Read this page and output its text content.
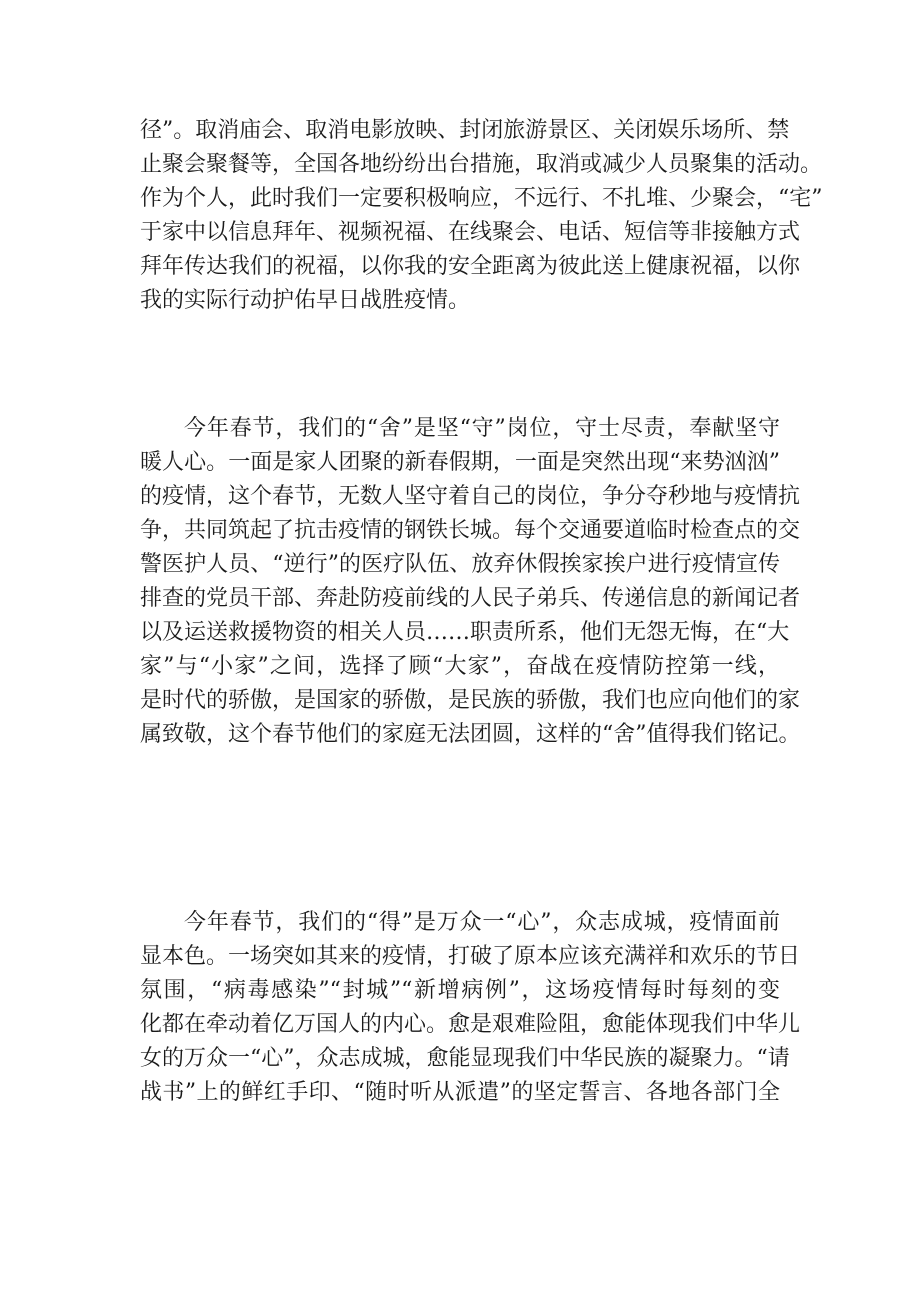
径”。取消庙会、取消电影放映、封闭旅游景区、关闭娱乐场所、禁
止聚会聚餐等，全国各地纷纷出台措施，取消或减少人员聚集的活动。
作为个人，此时我们一定要积极响应，不远行、不扎堆、少聚会，“宅”
于家中以信息拜年、视频祝福、在线聚会、电话、短信等非接触方式
拜年传达我们的祝福，以你我的安全距离为彼此送上健康祝福，以你
我的实际行动护佑早日战胜疫情。
今年春节，我们的“舍”是坚“守”岗位，守士尽责，奉献坚守
暖人心。一面是家人团聚的新春假期，一面是突然出现“来势汹汹”
的疫情，这个春节，无数人坚守着自己的岗位，争分夺秒地与疫情抗
争，共同筑起了抗击疫情的钢铁长城。每个交通要道临时检查点的交
警医护人员、“逆行”的医疗队伍、放弃休假挨家挨户进行疫情宣传
排查的党员干部、奔赴防疫前线的人民子弟兵、传递信息的新闻记者
以及运送救援物资的相关人员……职责所系，他们无怨无悔，在“大
家”与“小家”之间，选择了顾“大家”，奋战在疫情防控第一线，
是时代的骄傲，是国家的骄傲，是民族的骄傲，我们也应向他们的家
属致敬，这个春节他们的家庭无法团圆，这样的“舍”值得我们铭记。
今年春节，我们的“得”是万众一“心”，众志成城，疫情面前
显本色。一场突如其来的疫情，打破了原本应该充满祥和欢乐的节日
氛围，“病毒感染”“封城”“新增病例”，这场疫情每时每刻的变
化都在牵动着亿万国人的内心。愈是艰难险阻，愈能体现我们中华儿
女的万众一“心”，众志成城，愈能显现我们中华民族的凝聚力。“请
战书”上的鲜红手印、“随时听从派遣”的坚定誓言、各地各部门全
